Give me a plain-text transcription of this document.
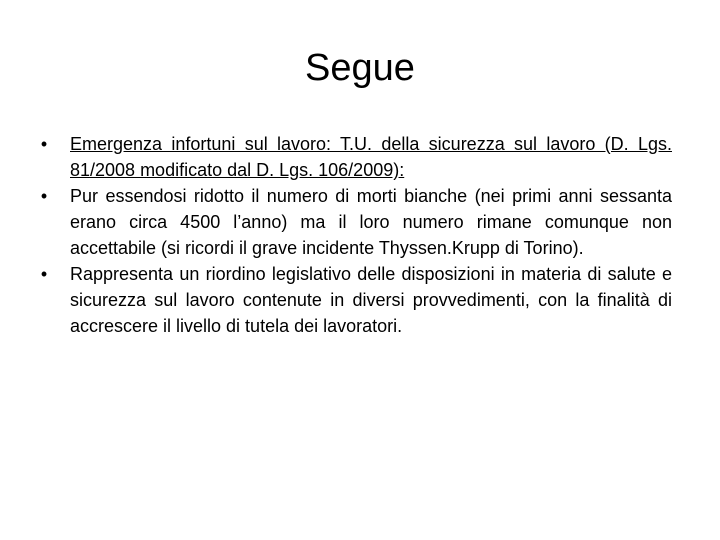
Segue
• Emergenza infortuni sul lavoro: T.U. della sicurezza sul lavoro (D. Lgs. 81/2008 modificato dal D. Lgs. 106/2009):
• Pur essendosi ridotto il numero di morti bianche (nei primi anni sessanta erano circa 4500 l’anno) ma il loro numero rimane comunque non accettabile (si ricordi il grave incidente Thyssen.Krupp di Torino).
• Rappresenta un riordino legislativo delle disposizioni in materia di salute e sicurezza sul lavoro contenute in diversi provvedimenti, con la finalità di accrescere il livello di tutela dei lavoratori.
